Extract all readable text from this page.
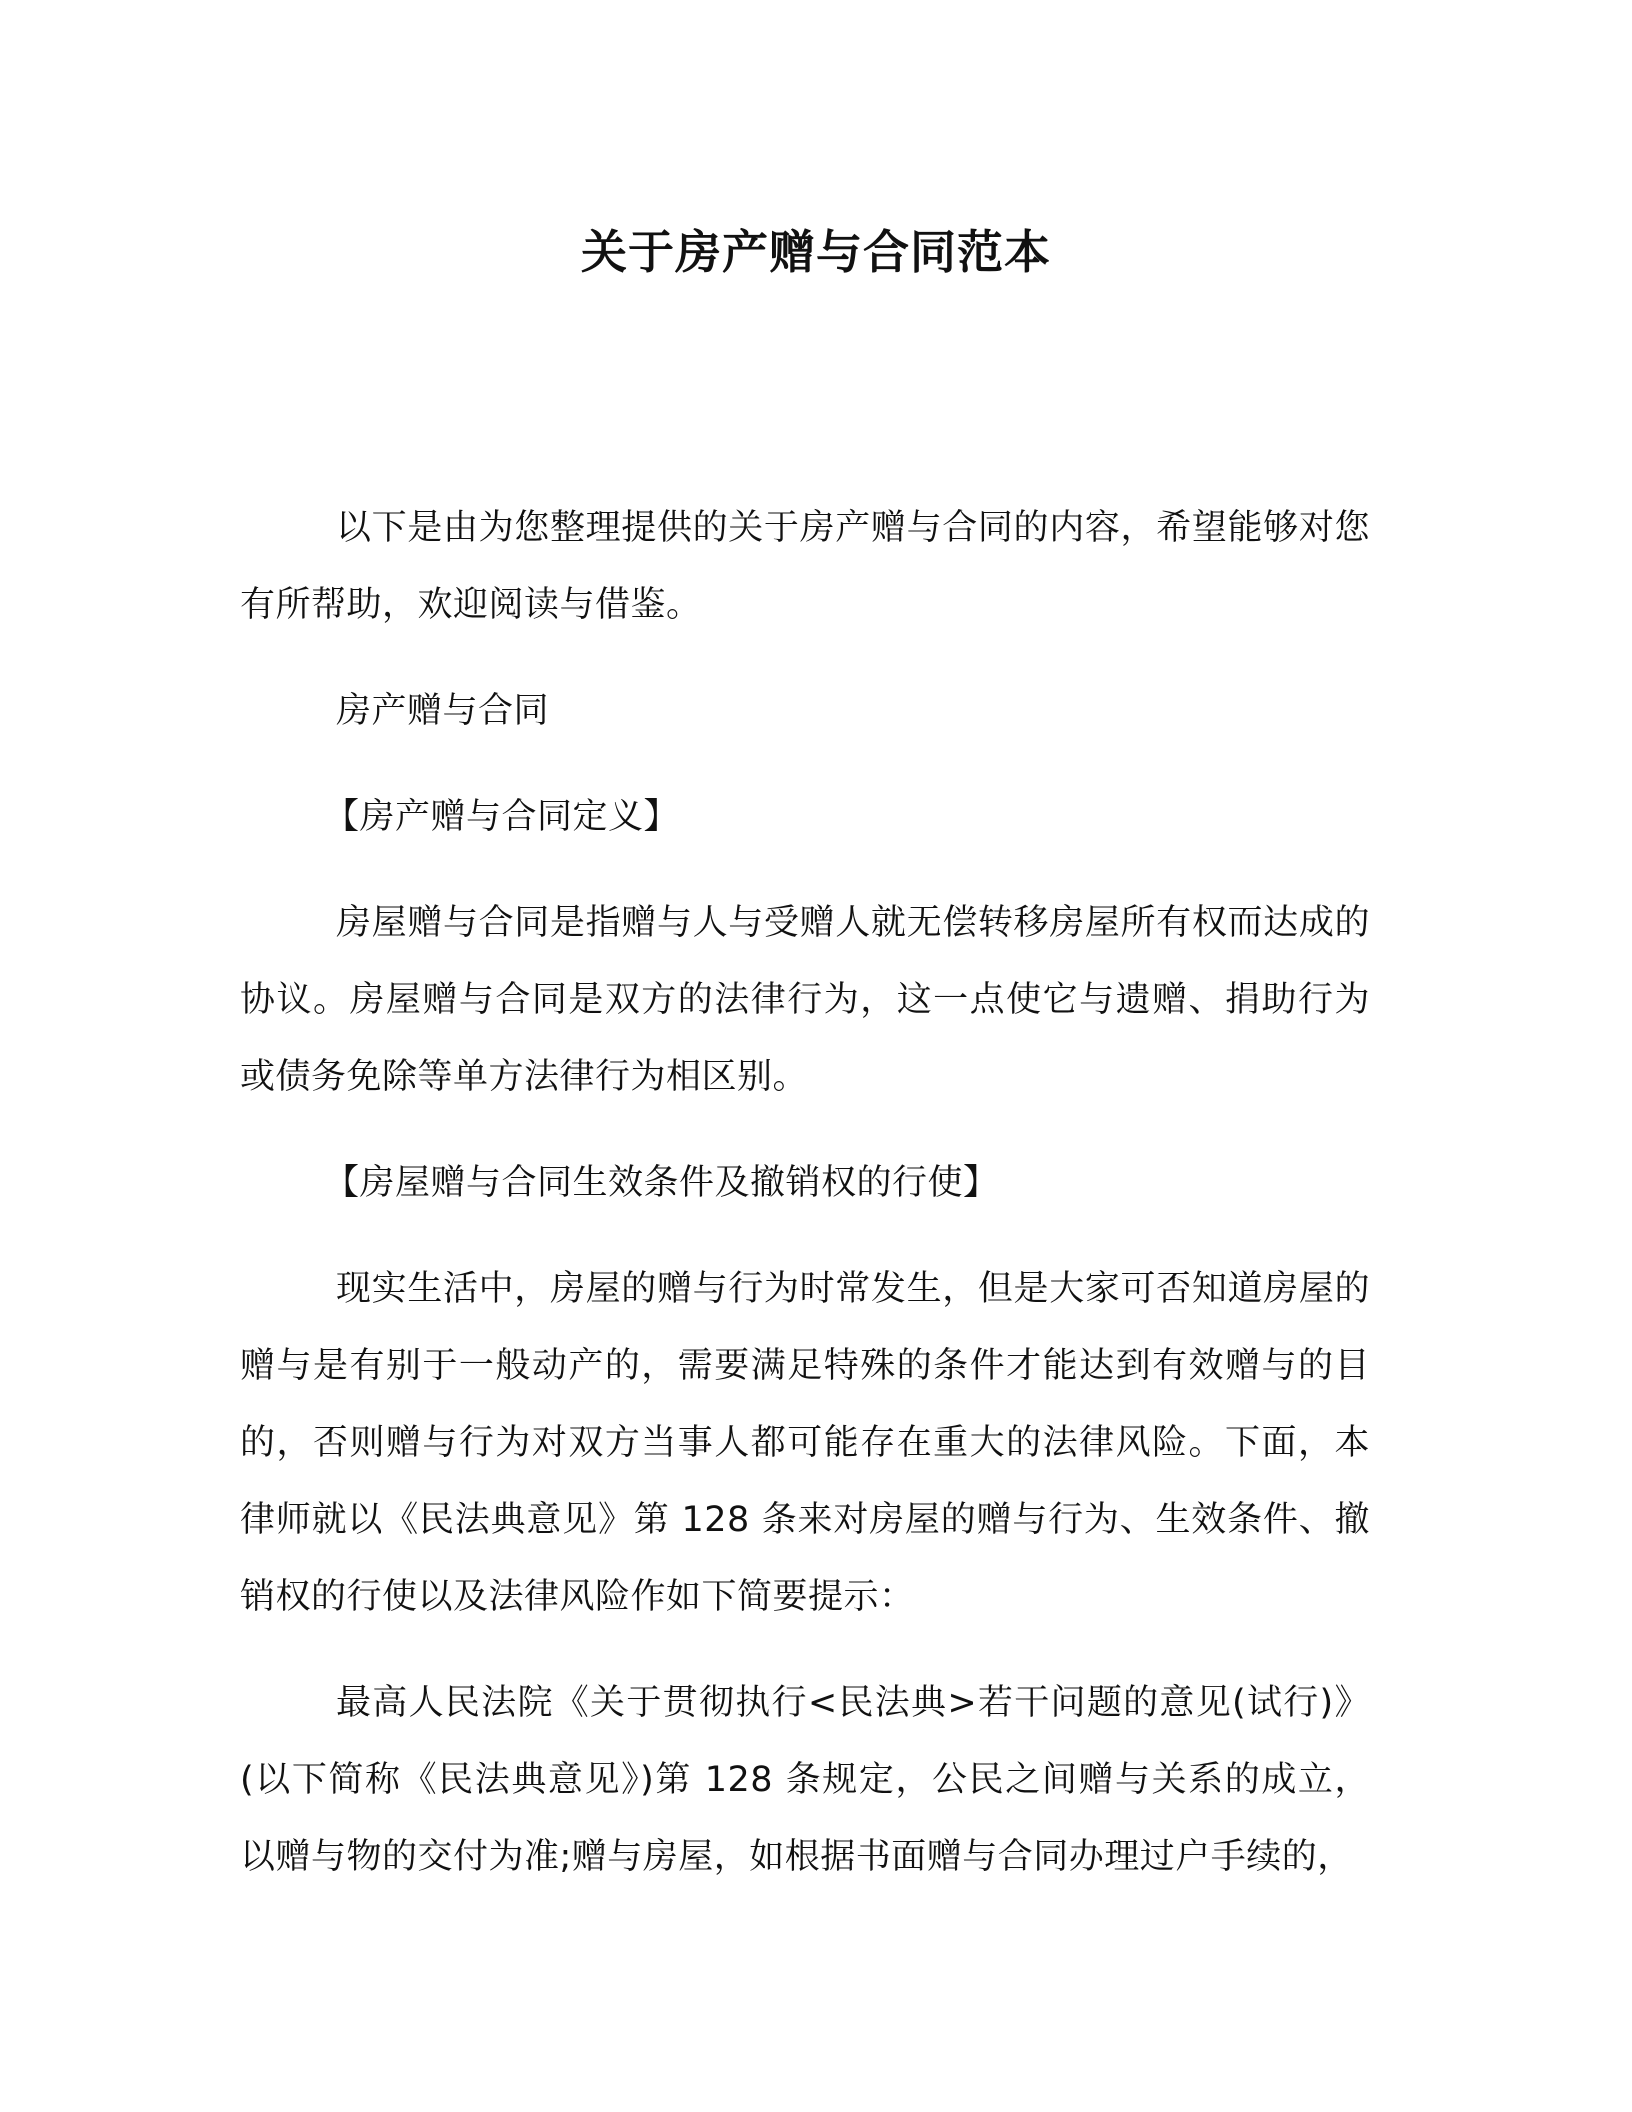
关于房产赠与合同范本

以下是由为您整理提供的关于房产赠与合同的内容，希望能够对您有所帮助，欢迎阅读与借鉴。

房产赠与合同

【房产赠与合同定义】

房屋赠与合同是指赠与人与受赠人就无偿转移房屋所有权而达成的协议。房屋赠与合同是双方的法律行为，这一点使它与遗赠、捐助行为或债务免除等单方法律行为相区别。

【房屋赠与合同生效条件及撤销权的行使】

现实生活中，房屋的赠与行为时常发生，但是大家可否知道房屋的赠与是有别于一般动产的，需要满足特殊的条件才能达到有效赠与的目的，否则赠与行为对双方当事人都可能存在重大的法律风险。下面，本律师就以《民法典意见》第 128 条来对房屋的赠与行为、生效条件、撤销权的行使以及法律风险作如下简要提示：

最高人民法院《关于贯彻执行<民法典>若干问题的意见(试行)》(以下简称《民法典意见》)第 128 条规定，公民之间赠与关系的成立，以赠与物的交付为准;赠与房屋，如根据书面赠与合同办理过户手续的，
